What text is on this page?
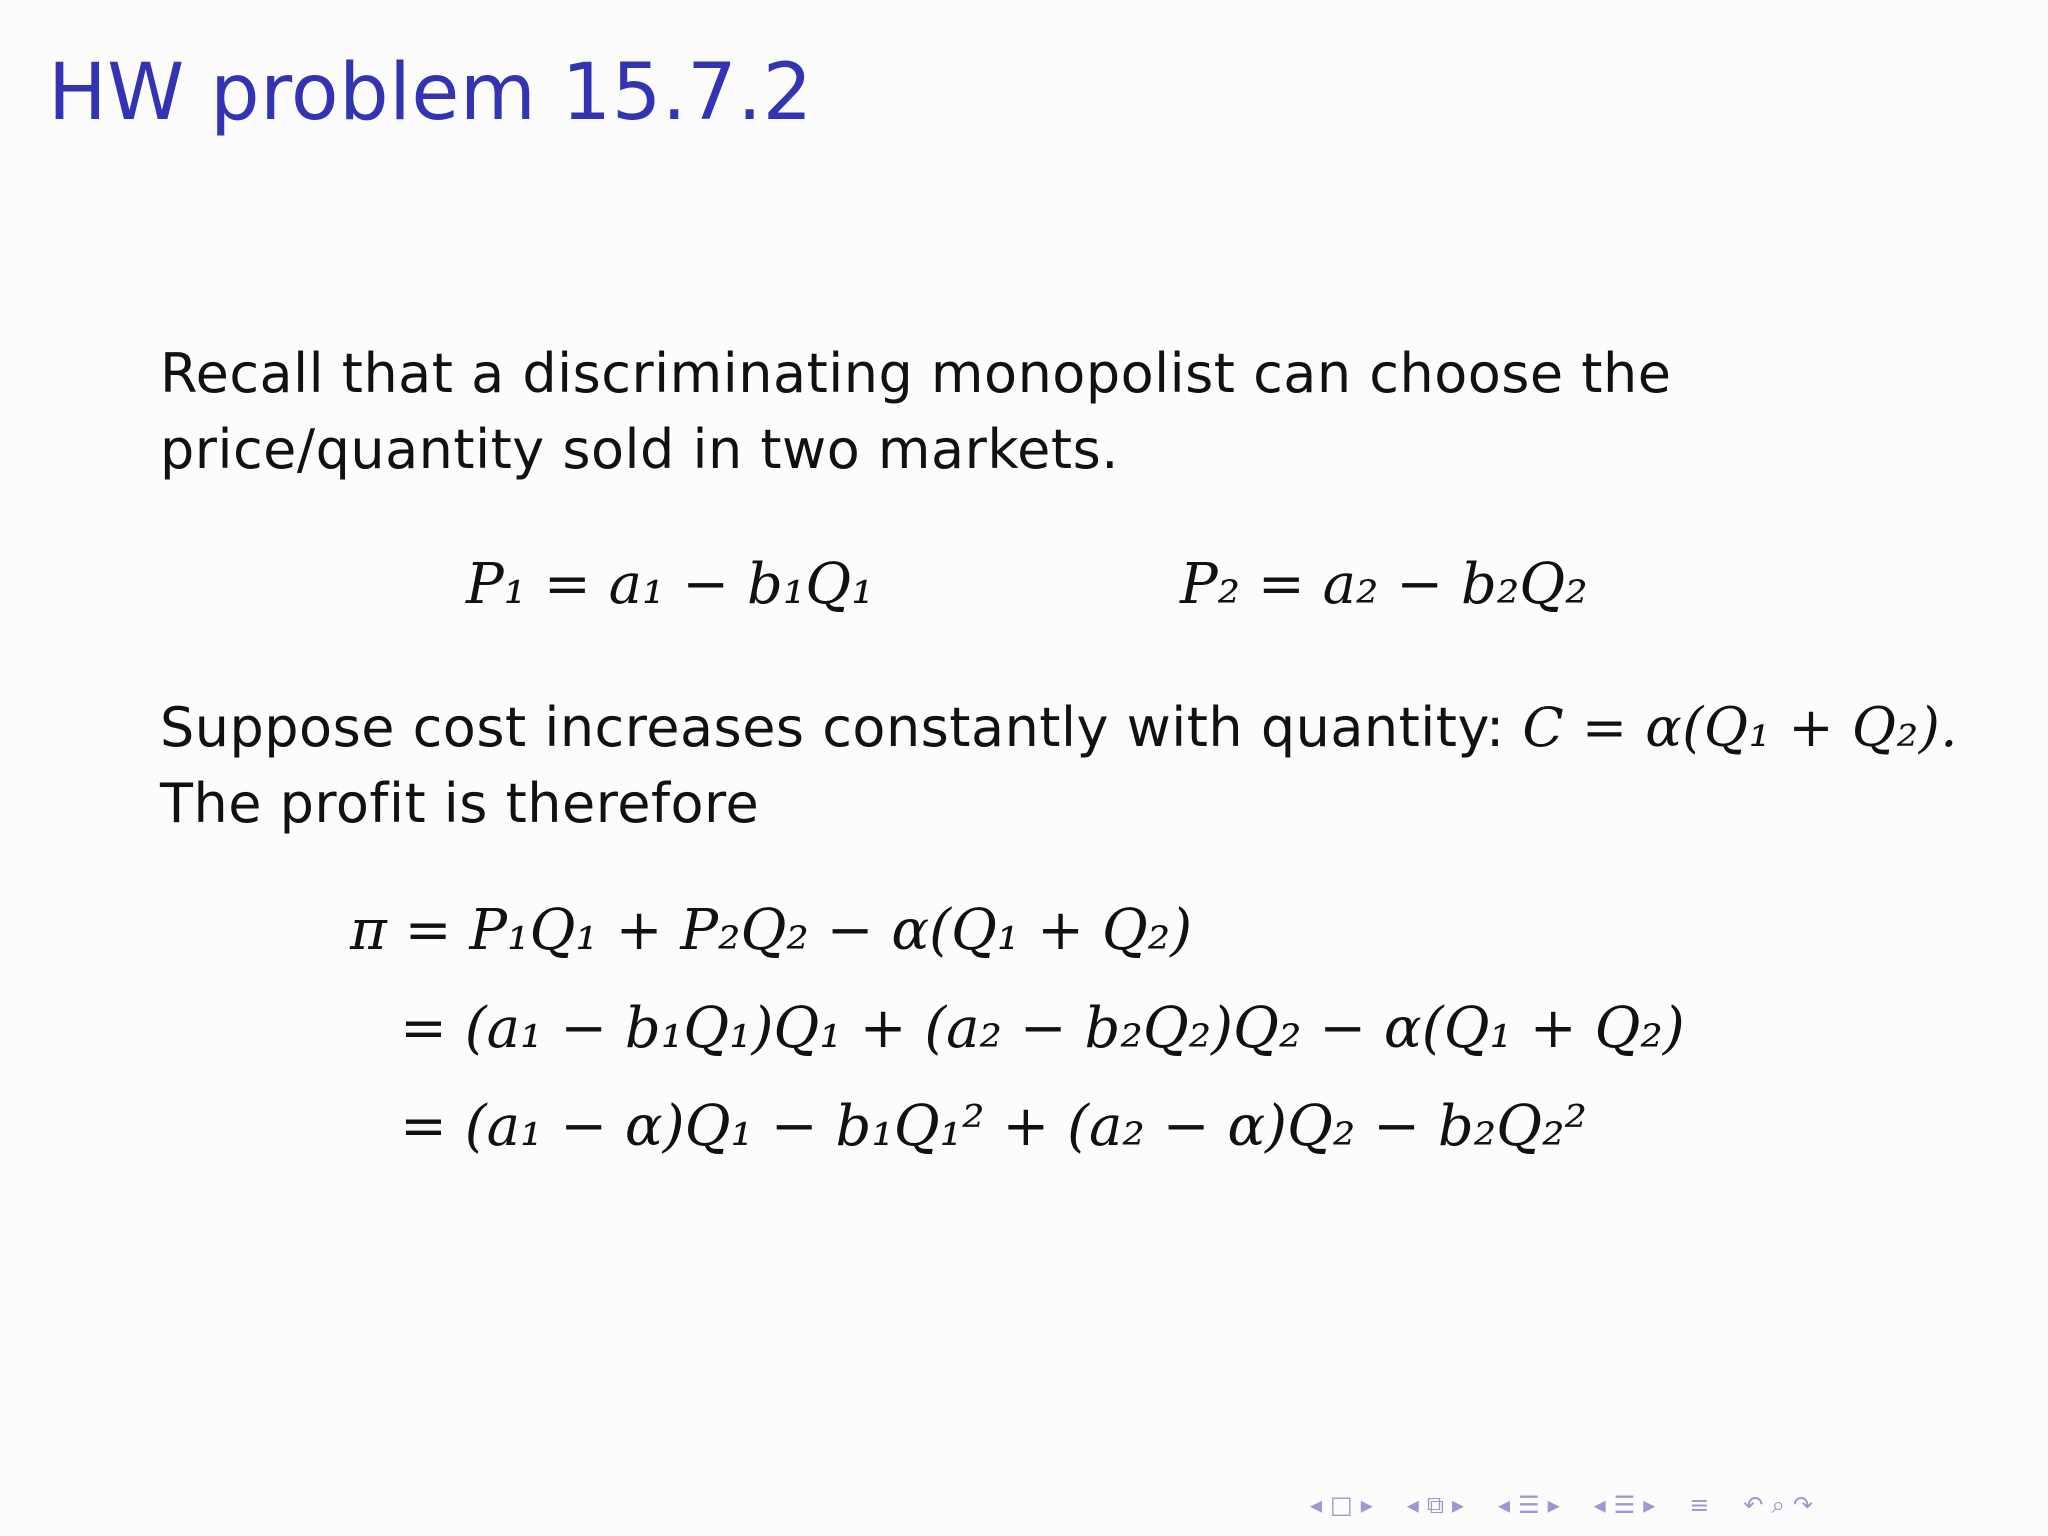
HW problem 15.7.2
Recall that a discriminating monopolist can choose the
price/quantity sold in two markets.
P₁ = a₁ − b₁Q₁	P₂ = a₂ − b₂Q₂
Suppose cost increases constantly with quantity: C = α(Q₁ + Q₂).
The profit is therefore
π = P₁Q₁ + P₂Q₂ − α(Q₁ + Q₂)
= (a₁ − b₁Q₁)Q₁ + (a₂ − b₂Q₂)Q₂ − α(Q₁ + Q₂)
= (a₁ − α)Q₁ − b₁Q₁² + (a₂ − α)Q₂ − b₂Q₂²
◂ □ ▸ ◂ ⧉ ▸ ◂ ☰ ▸ ◂ ☰ ▸ ≡ ↶ ⌕ ↷
